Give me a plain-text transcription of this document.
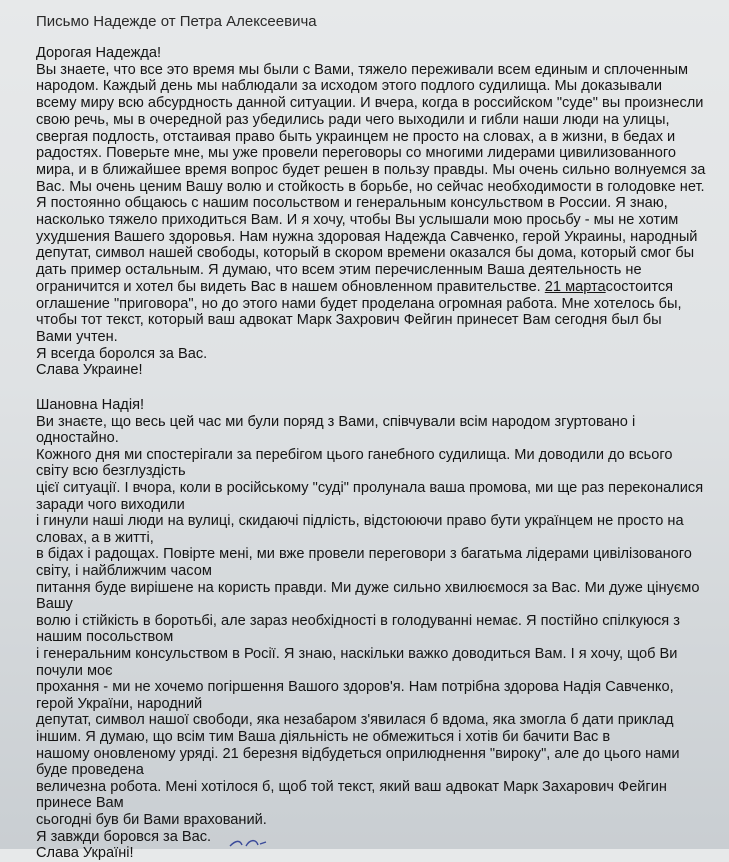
Письмо Надежде от Петра Алексеевича
Дорогая Надежда!
Вы знаете, что все это время мы были с Вами, тяжело переживали всем единым и сплоченным
народом. Каждый день мы наблюдали за исходом этого подлого судилища. Мы доказывали
всему миру всю абсурдность данной ситуации. И вчера, когда в российском "суде" вы произнесли
свою речь, мы в очередной раз убедились ради чего выходили и гибли наши люди на улицы,
свергая подлость, отстаивая право быть украинцем не просто на словах, а в жизни, в бедах и
радостях. Поверьте мне, мы уже провели переговоры со многими лидерами цивилизованного
мира, и в ближайшее время вопрос будет решен в пользу правды. Мы очень сильно волнуемся за
Вас. Мы очень ценим Вашу волю и стойкость в борьбе, но сейчас необходимости в голодовке нет.
Я постоянно общаюсь с нашим посольством и генеральным консульством в России. Я знаю,
насколько тяжело приходиться Вам. И я хочу, чтобы Вы услышали мою просьбу - мы не хотим
ухудшения Вашего здоровья. Нам нужна здоровая Надежда Савченко, герой Украины, народный
депутат, символ нашей свободы, который в скором времени оказался бы дома, который смог бы
дать пример остальным. Я думаю, что всем этим перечисленным Ваша деятельность не
ограничится и хотел бы видеть Вас в нашем обновленном правительстве. 21 мартасостоится
оглашение "приговора", но до этого нами будет проделана огромная работа. Мне хотелось бы,
чтобы тот текст, который ваш адвокат Марк Захрович Фейгин принесет Вам сегодня был бы
Вами учтен.
Я всегда боролся за Вас.
Слава Украине!
Шановна Надія!
Ви знаєте, що весь цей час ми були поряд з Вами, співчували всім народом згуртовано і
одностайно.
Кожного дня ми спостерігали за перебігом цього ганебного судилища. Ми доводили до всього
світу всю безглуздість
цієї ситуації. І вчора, коли в російському "суді" пролунала ваша промова, ми ще раз переконалися
заради чого виходили
і гинули наші люди на вулиці, скидаючі підлість, відстоюючи право бути українцем не просто на
словах, а в житті,
в бідах і радощах. Повірте мені, ми вже провели переговори з багатьма лідерами цивілізованого
світу, і найближчим часом
питання буде вирішене на користь правди. Ми дуже сильно хвилюємося за Вас. Ми дуже цінуємо
Вашу
волю і стійкість в боротьбі, але зараз необхідності в голодуванні немає. Я постійно спілкуюся з
нашим посольством
і генеральним консульством в Росії. Я знаю, наскільки важко доводиться Вам. І я хочу, щоб Ви
почули моє
прохання - ми не хочемо погіршення Вашого здоров'я. Нам потрібна здорова Надія Савченко,
герой України, народний
депутат, символ нашої свободи, яка незабаром з'явилася б вдома, яка змогла б дати приклад
іншим. Я думаю, що всім тим Ваша діяльність не обмежиться і хотів би бачити Вас в
нашому оновленому уряді. 21 березня відбудеться оприлюднення "вироку", але до цього нами
буде проведена
величезна робота. Мені хотілося б, щоб той текст, який ваш адвокат Марк Захарович Фейгин
принесе Вам
сьогодні був би Вами врахований.
Я завжди боровся за Вас.
Слава Україні!
